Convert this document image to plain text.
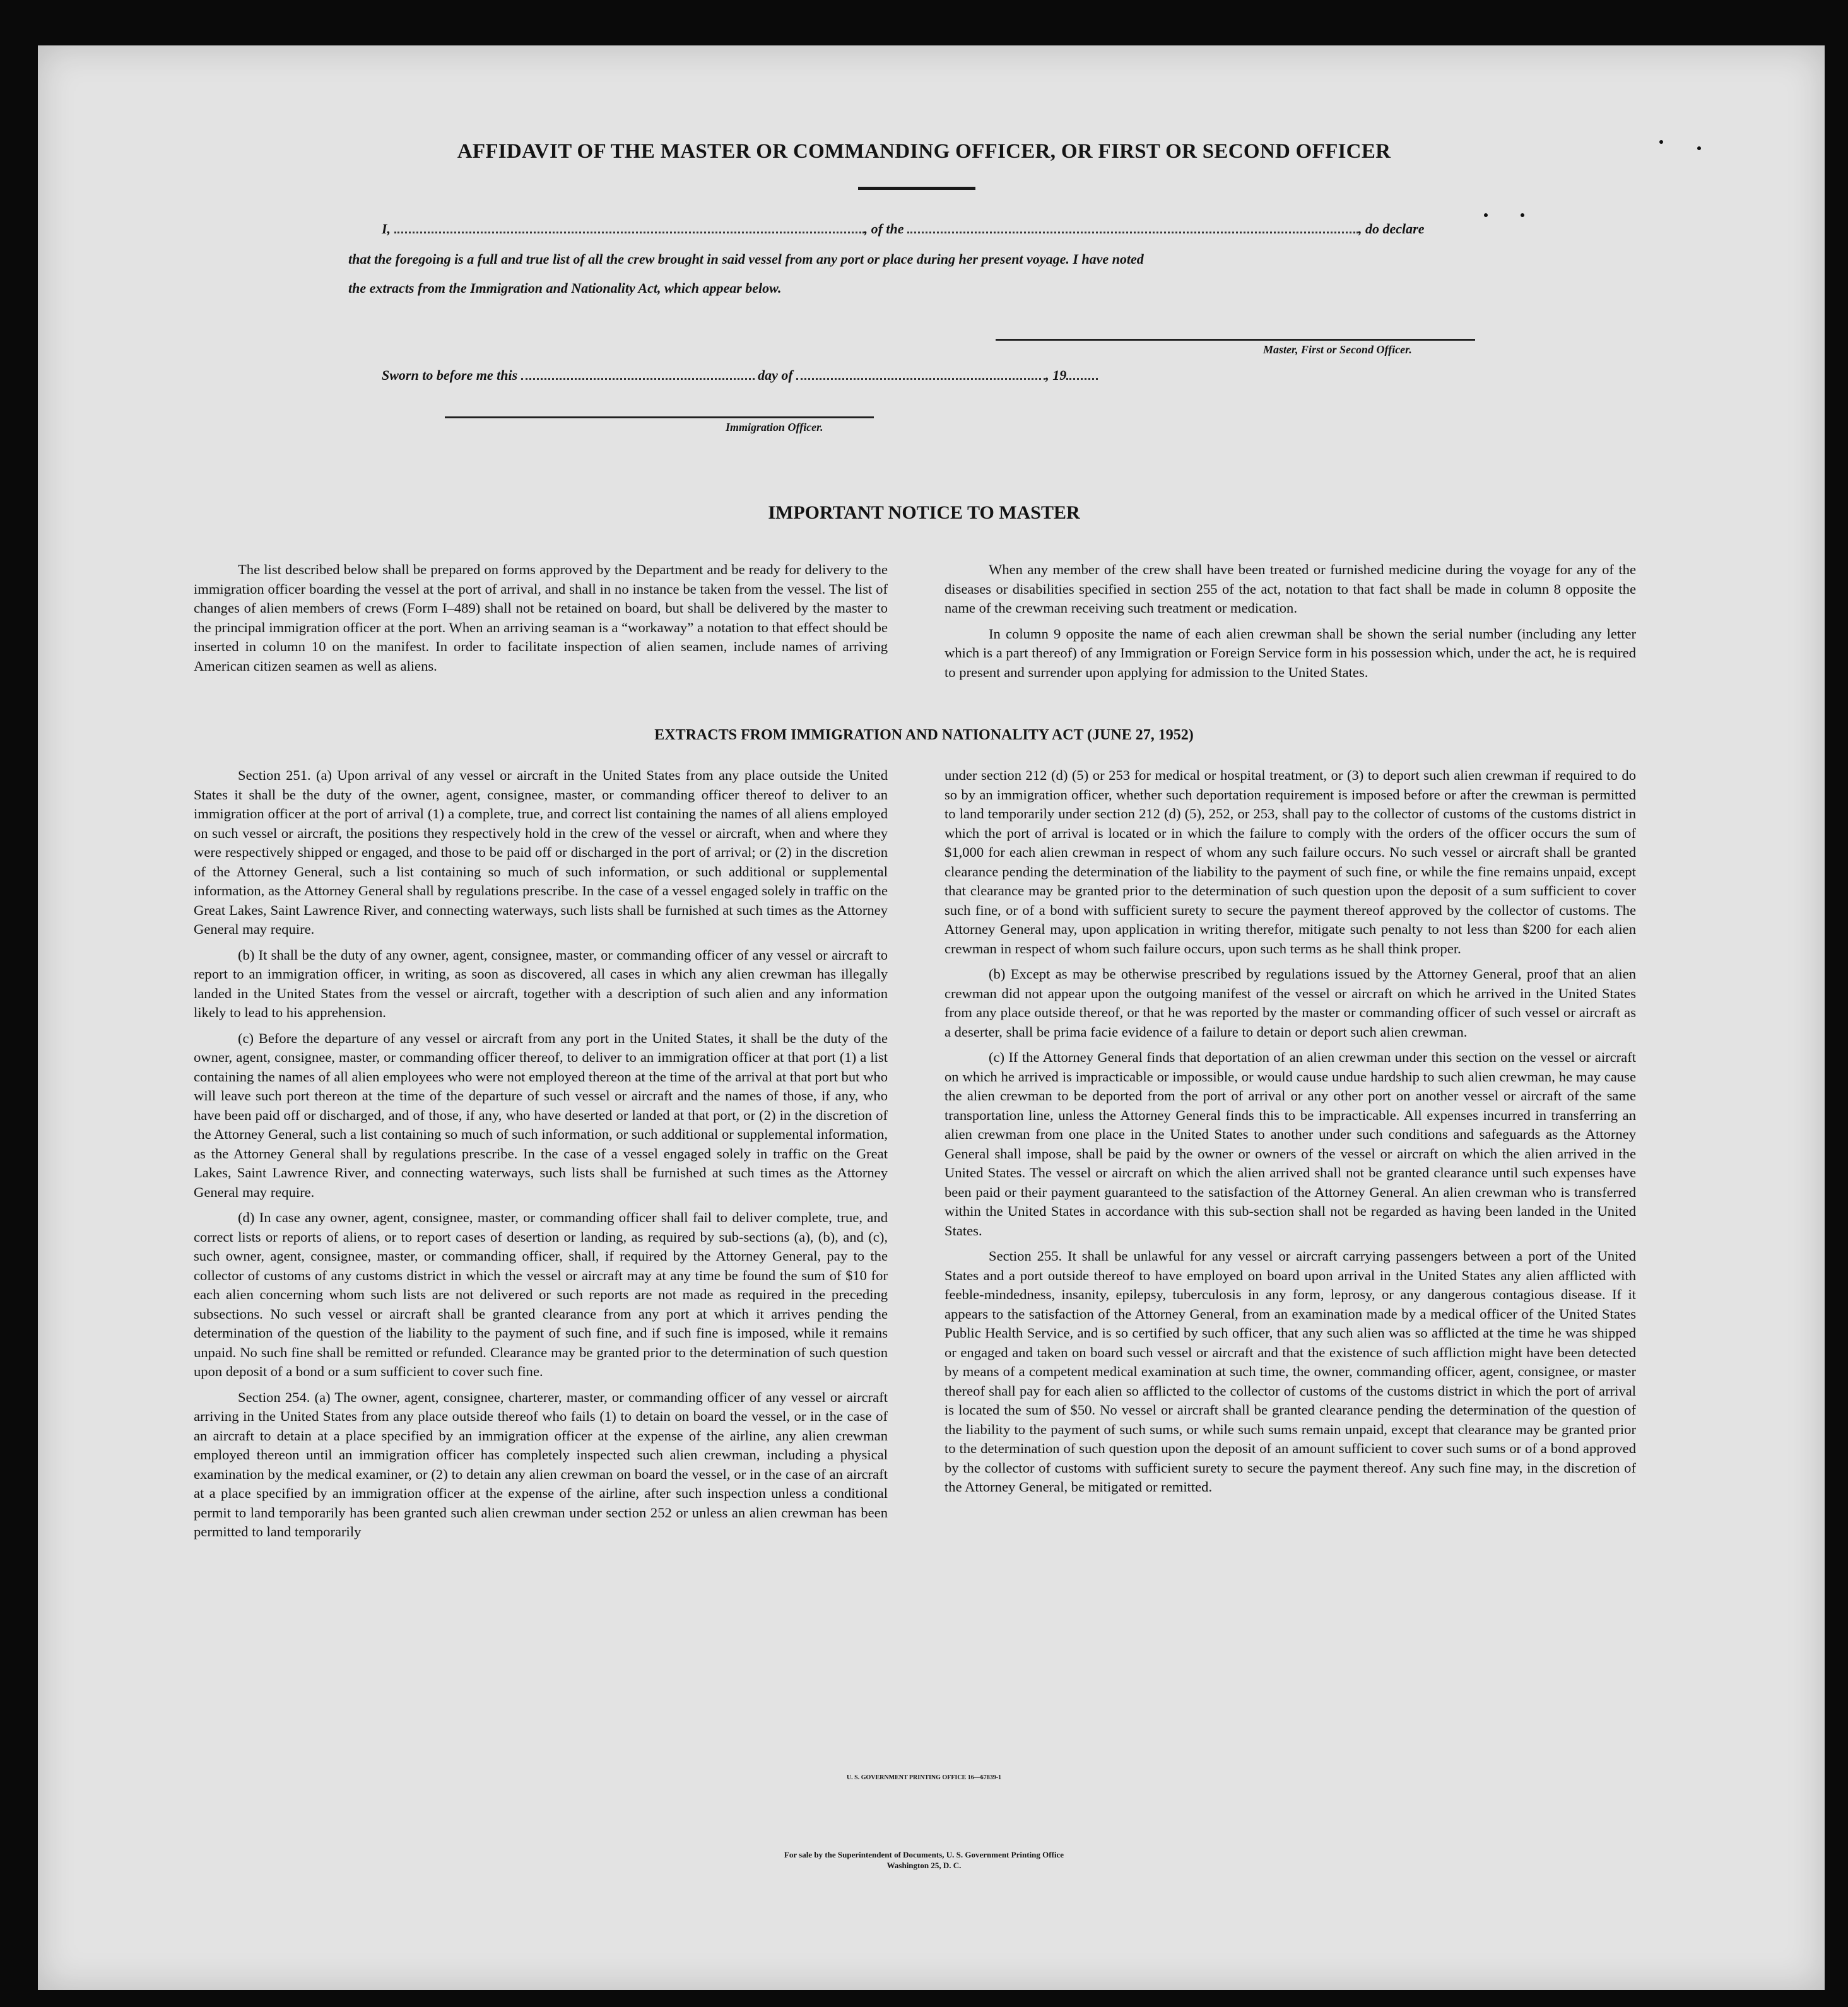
AFFIDAVIT OF THE MASTER OR COMMANDING OFFICER, OR FIRST OR SECOND OFFICER
I,	, of the	, do declare
that the foregoing is a full and true list of all the crew brought in said vessel from any port or place during her present voyage. I have noted
the extracts from the Immigration and Nationality Act, which appear below.
Master, First or Second Officer.
Sworn to before me this	day of	, 19
Immigration Officer.
IMPORTANT NOTICE TO MASTER

The list described below shall be prepared on forms approved by the Department and be ready for delivery to the immigration officer boarding the vessel at the port of arrival, and shall in no instance be taken from the vessel. The list of changes of alien members of crews (Form I–489) shall not be retained on board, but shall be delivered by the master to the principal immigration officer at the port. When an arriving seaman is a “workaway” a notation to that effect should be inserted in column 10 on the manifest. In order to facilitate inspection of alien seamen, include names of arriving American citizen seamen as well as aliens.

When any member of the crew shall have been treated or furnished medicine during the voyage for any of the diseases or disabilities specified in section 255 of the act, notation to that fact shall be made in column 8 opposite the name of the crewman receiving such treatment or medication.

In column 9 opposite the name of each alien crewman shall be shown the serial number (including any letter which is a part thereof) of any Immigration or Foreign Service form in his possession which, under the act, he is required to present and surrender upon applying for admission to the United States.

EXTRACTS FROM IMMIGRATION AND NATIONALITY ACT (JUNE 27, 1952)

Section 251. (a) Upon arrival of any vessel or aircraft in the United States from any place outside the United States it shall be the duty of the owner, agent, consignee, master, or commanding officer thereof to deliver to an immigration officer at the port of arrival (1) a complete, true, and correct list containing the names of all aliens employed on such vessel or aircraft, the positions they respectively hold in the crew of the vessel or aircraft, when and where they were respectively shipped or engaged, and those to be paid off or discharged in the port of arrival; or (2) in the discretion of the Attorney General, such a list containing so much of such information, or such additional or supplemental information, as the Attorney General shall by regulations prescribe. In the case of a vessel engaged solely in traffic on the Great Lakes, Saint Lawrence River, and connecting waterways, such lists shall be furnished at such times as the Attorney General may require.

(b) It shall be the duty of any owner, agent, consignee, master, or commanding officer of any vessel or aircraft to report to an immigration officer, in writing, as soon as discovered, all cases in which any alien crewman has illegally landed in the United States from the vessel or aircraft, together with a description of such alien and any information likely to lead to his apprehension.

(c) Before the departure of any vessel or aircraft from any port in the United States, it shall be the duty of the owner, agent, consignee, master, or commanding officer thereof, to deliver to an immigration officer at that port (1) a list containing the names of all alien employees who were not employed thereon at the time of the arrival at that port but who will leave such port thereon at the time of the departure of such vessel or aircraft and the names of those, if any, who have been paid off or discharged, and of those, if any, who have deserted or landed at that port, or (2) in the discretion of the Attorney General, such a list containing so much of such information, or such additional or supplemental information, as the Attorney General shall by regulations prescribe. In the case of a vessel engaged solely in traffic on the Great Lakes, Saint Lawrence River, and connecting waterways, such lists shall be furnished at such times as the Attorney General may require.

(d) In case any owner, agent, consignee, master, or commanding officer shall fail to deliver complete, true, and correct lists or reports of aliens, or to report cases of desertion or landing, as required by sub-sections (a), (b), and (c), such owner, agent, consignee, master, or commanding officer, shall, if required by the Attorney General, pay to the collector of customs of any customs district in which the vessel or aircraft may at any time be found the sum of $10 for each alien concerning whom such lists are not delivered or such reports are not made as required in the preceding subsections. No such vessel or aircraft shall be granted clearance from any port at which it arrives pending the determination of the question of the liability to the payment of such fine, and if such fine is imposed, while it remains unpaid. No such fine shall be remitted or refunded. Clearance may be granted prior to the determination of such question upon deposit of a bond or a sum sufficient to cover such fine.

Section 254. (a) The owner, agent, consignee, charterer, master, or commanding officer of any vessel or aircraft arriving in the United States from any place outside thereof who fails (1) to detain on board the vessel, or in the case of an aircraft to detain at a place specified by an immigration officer at the expense of the airline, any alien crewman employed thereon until an immigration officer has completely inspected such alien crewman, including a physical examination by the medical examiner, or (2) to detain any alien crewman on board the vessel, or in the case of an aircraft at a place specified by an immigration officer at the expense of the airline, after such inspection unless a conditional permit to land temporarily has been granted such alien crewman under section 252 or unless an alien crewman has been permitted to land temporarily

under section 212 (d) (5) or 253 for medical or hospital treatment, or (3) to deport such alien crewman if required to do so by an immigration officer, whether such deportation requirement is imposed before or after the crewman is permitted to land temporarily under section 212 (d) (5), 252, or 253, shall pay to the collector of customs of the customs district in which the port of arrival is located or in which the failure to comply with the orders of the officer occurs the sum of $1,000 for each alien crewman in respect of whom any such failure occurs. No such vessel or aircraft shall be granted clearance pending the determination of the liability to the payment of such fine, or while the fine remains unpaid, except that clearance may be granted prior to the determination of such question upon the deposit of a sum sufficient to cover such fine, or of a bond with sufficient surety to secure the payment thereof approved by the collector of customs. The Attorney General may, upon application in writing therefor, mitigate such penalty to not less than $200 for each alien crewman in respect of whom such failure occurs, upon such terms as he shall think proper.

(b) Except as may be otherwise prescribed by regulations issued by the Attorney General, proof that an alien crewman did not appear upon the outgoing manifest of the vessel or aircraft on which he arrived in the United States from any place outside thereof, or that he was reported by the master or commanding officer of such vessel or aircraft as a deserter, shall be prima facie evidence of a failure to detain or deport such alien crewman.

(c) If the Attorney General finds that deportation of an alien crewman under this section on the vessel or aircraft on which he arrived is impracticable or impossible, or would cause undue hardship to such alien crewman, he may cause the alien crewman to be deported from the port of arrival or any other port on another vessel or aircraft of the same transportation line, unless the Attorney General finds this to be impracticable. All expenses incurred in transferring an alien crewman from one place in the United States to another under such conditions and safeguards as the Attorney General shall impose, shall be paid by the owner or owners of the vessel or aircraft on which the alien arrived in the United States. The vessel or aircraft on which the alien arrived shall not be granted clearance until such expenses have been paid or their payment guaranteed to the satisfaction of the Attorney General. An alien crewman who is transferred within the United States in accordance with this sub-section shall not be regarded as having been landed in the United States.

Section 255. It shall be unlawful for any vessel or aircraft carrying passengers between a port of the United States and a port outside thereof to have employed on board upon arrival in the United States any alien afflicted with feeble-mindedness, insanity, epilepsy, tuberculosis in any form, leprosy, or any dangerous contagious disease. If it appears to the satisfaction of the Attorney General, from an examination made by a medical officer of the United States Public Health Service, and is so certified by such officer, that any such alien was so afflicted at the time he was shipped or engaged and taken on board such vessel or aircraft and that the existence of such affliction might have been detected by means of a competent medical examination at such time, the owner, commanding officer, agent, consignee, or master thereof shall pay for each alien so afflicted to the collector of customs of the customs district in which the port of arrival is located the sum of $50. No vessel or aircraft shall be granted clearance pending the determination of the question of the liability to the payment of such sums, or while such sums remain unpaid, except that clearance may be granted prior to the determination of such question upon the deposit of an amount sufficient to cover such sums or of a bond approved by the collector of customs with sufficient surety to secure the payment thereof. Any such fine may, in the discretion of the Attorney General, be mitigated or remitted.

U. S. GOVERNMENT PRINTING OFFICE 16—67839-1
For sale by the Superintendent of Documents, U. S. Government Printing Office
Washington 25, D. C.
